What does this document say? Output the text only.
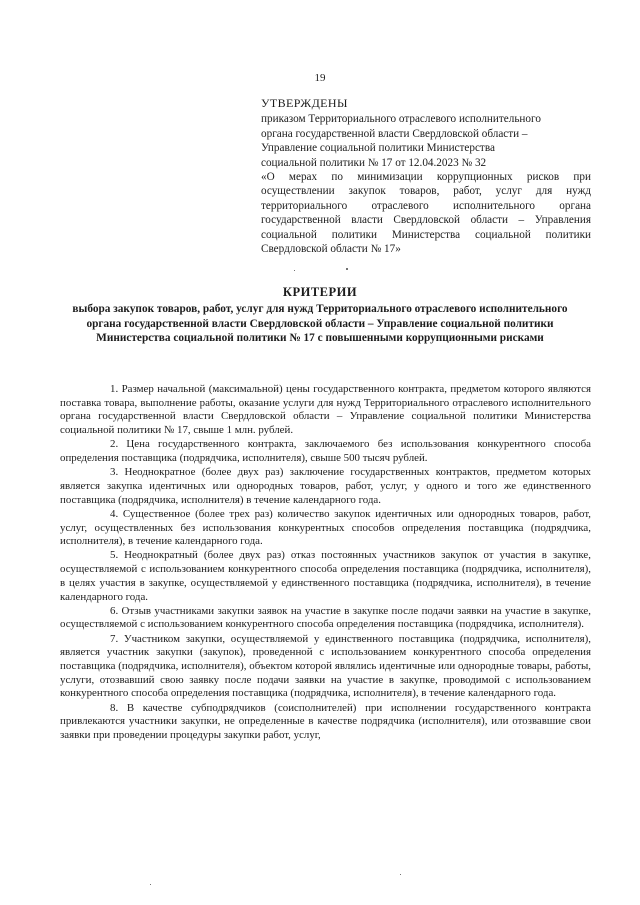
19
УТВЕРЖДЕНЫ
приказом Территориального отраслевого исполнительного
органа государственной власти Свердловской области –
Управление социальной политики Министерства
социальной политики № 17 от 12.04.2023 № 32
«О мерах по минимизации коррупционных рисков при осуществлении закупок товаров, работ, услуг для нужд территориального отраслевого исполнительного органа государственной власти Свердловской области – Управления социальной политики Министерства социальной политики Свердловской области № 17»
КРИТЕРИИ
выбора закупок товаров, работ, услуг для нужд Территориального отраслевого исполнительного органа государственной власти Свердловской области – Управление социальной политики Министерства социальной политики № 17 с повышенными коррупционными рисками

1. Размер начальной (максимальной) цены государственного контракта, предметом которого являются поставка товара, выполнение работы, оказание услуги для нужд Территориального отраслевого исполнительного органа государственной власти Свердловской области – Управление социальной политики Министерства социальной политики № 17, свыше 1 млн. рублей.

2. Цена государственного контракта, заключаемого без использования конкурентного способа определения поставщика (подрядчика, исполнителя), свыше 500 тысяч рублей.

3. Неоднократное (более двух раз) заключение государственных контрактов, предметом которых является закупка идентичных или однородных товаров, работ, услуг, у одного и того же единственного поставщика (подрядчика, исполнителя) в течение календарного года.

4. Существенное (более трех раз) количество закупок идентичных или однородных товаров, работ, услуг, осуществленных без использования конкурентных способов определения поставщика (подрядчика, исполнителя), в течение календарного года.

5. Неоднократный (более двух раз) отказ постоянных участников закупок от участия в закупке, осуществляемой с использованием конкурентного способа определения поставщика (подрядчика, исполнителя), в целях участия в закупке, осуществляемой у единственного поставщика (подрядчика, исполнителя), в течение календарного года.

6. Отзыв участниками закупки заявок на участие в закупке после подачи заявки на участие в закупке, осуществляемой с использованием конкурентного способа определения поставщика (подрядчика, исполнителя).

7. Участником закупки, осуществляемой у единственного поставщика (подрядчика, исполнителя), является участник закупки (закупок), проведенной с использованием конкурентного способа определения поставщика (подрядчика, исполнителя), объектом которой являлись идентичные или однородные товары, работы, услуги, отозвавший свою заявку после подачи заявки на участие в закупке, проводимой с использованием конкурентного способа определения поставщика (подрядчика, исполнителя), в течение календарного года.

8. В качестве субподрядчиков (соисполнителей) при исполнении государственного контракта привлекаются участники закупки, не определенные в качестве подрядчика (исполнителя), или отозвавшие свои заявки при проведении процедуры закупки работ, услуг,
